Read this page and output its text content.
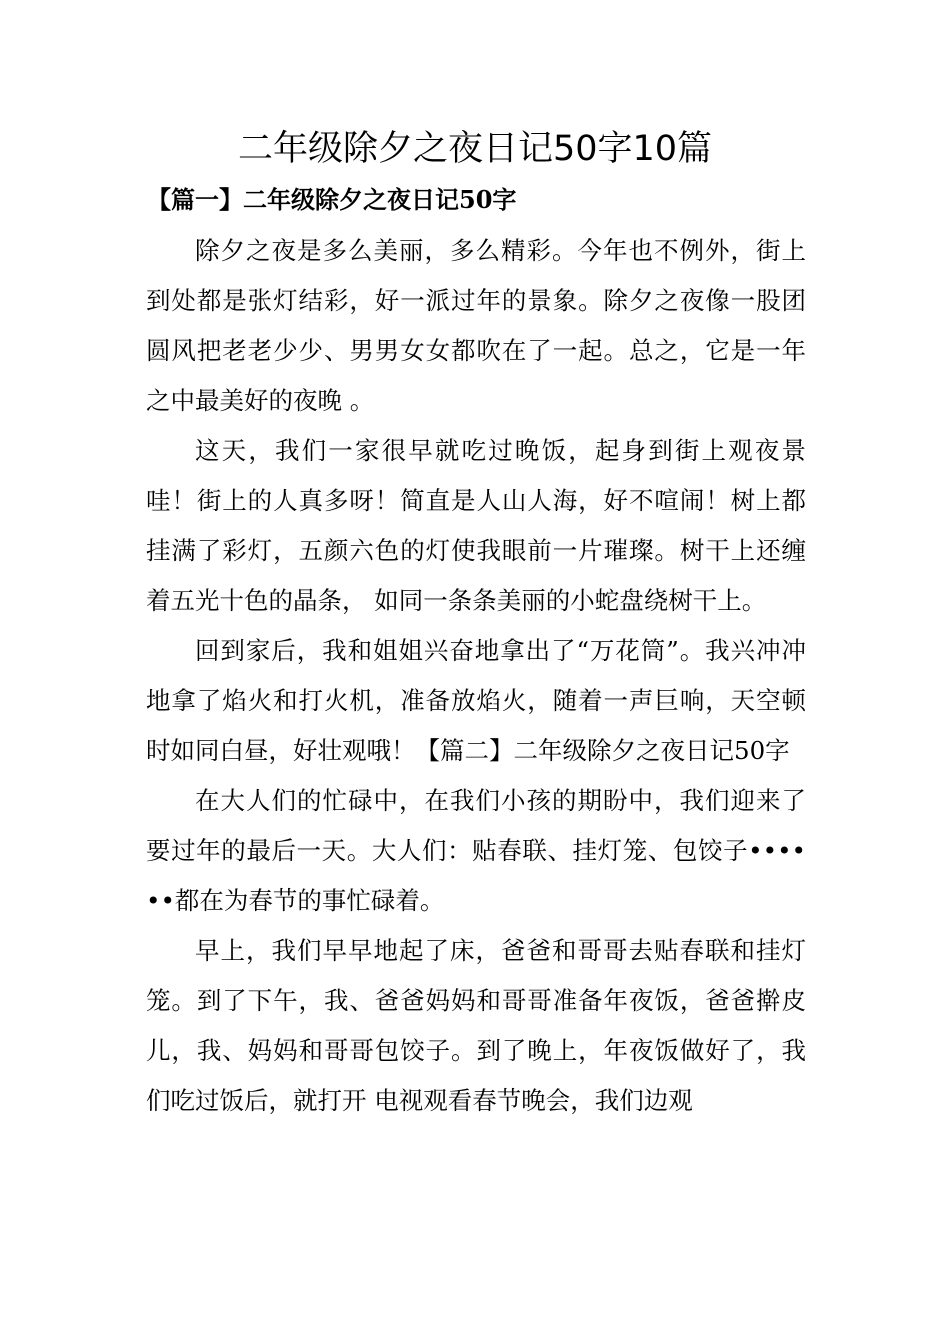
二年级除夕之夜日记50字10篇
【篇一】二年级除夕之夜日记50字

除夕之夜是多么美丽，多么精彩。今年也不例外，街上到处都是张灯结彩，好一派过年的景象。除夕之夜像一股团圆风把老老少少、男男女女都吹在了一起。总之，它是一年之中最美好的夜晚 。

这天，我们一家很早就吃过晚饭，起身到街上观夜景哇！街上的人真多呀！简直是人山人海，好不喧闹！树上都挂满了彩灯，五颜六色的灯使我眼前一片璀璨。树干上还缠着五光十色的晶条， 如同一条条美丽的小蛇盘绕树干上。

回到家后，我和姐姐兴奋地拿出了“万花筒”。我兴冲冲地拿了焰火和打火机，准备放焰火，随着一声巨响，天空顿时如同白昼，好壮观哦！【篇二】二年级除夕之夜日记50字

在大人们的忙碌中，在我们小孩的期盼中，我们迎来了要过年的最后一天。大人们：贴春联、挂灯笼、包饺子••••••都在为春节的事忙碌着。

早上，我们早早地起了床，爸爸和哥哥去贴春联和挂灯笼。到了下午，我、爸爸妈妈和哥哥准备年夜饭，爸爸擀皮儿，我、妈妈和哥哥包饺子。到了晚上，年夜饭做好了，我们吃过饭后，就打开 电视观看春节晚会，我们边观
